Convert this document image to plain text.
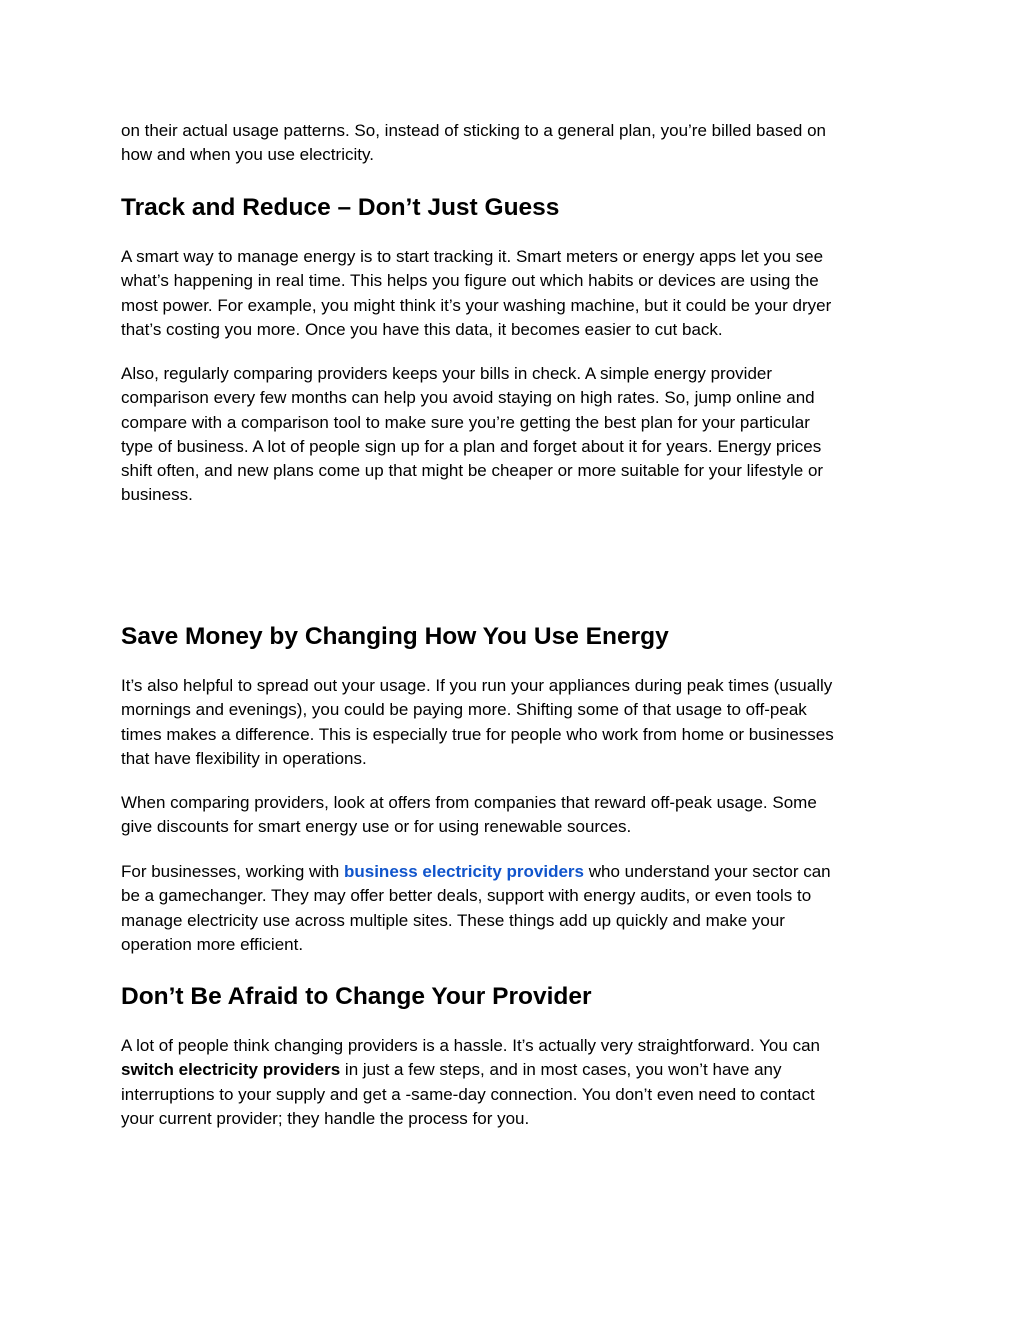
on their actual usage patterns. So, instead of sticking to a general plan, you’re billed based on
how and when you use electricity.
Track and Reduce – Don’t Just Guess
A smart way to manage energy is to start tracking it. Smart meters or energy apps let you see
what’s happening in real time. This helps you figure out which habits or devices are using the
most power. For example, you might think it’s your washing machine, but it could be your dryer
that’s costing you more. Once you have this data, it becomes easier to cut back.
Also, regularly comparing providers keeps your bills in check. A simple energy provider
comparison every few months can help you avoid staying on high rates. So, jump online and
compare with a comparison tool to make sure you’re getting the best plan for your particular
type of business. A lot of people sign up for a plan and forget about it for years. Energy prices
shift often, and new plans come up that might be cheaper or more suitable for your lifestyle or
business.
Save Money by Changing How You Use Energy
It’s also helpful to spread out your usage. If you run your appliances during peak times (usually
mornings and evenings), you could be paying more. Shifting some of that usage to off-peak
times makes a difference. This is especially true for people who work from home or businesses
that have flexibility in operations.
When comparing providers, look at offers from companies that reward off-peak usage. Some
give discounts for smart energy use or for using renewable sources.
For businesses, working with business electricity providers who understand your sector can
be a gamechanger. They may offer better deals, support with energy audits, or even tools to
manage electricity use across multiple sites. These things add up quickly and make your
operation more efficient.
Don’t Be Afraid to Change Your Provider
A lot of people think changing providers is a hassle. It’s actually very straightforward. You can
switch electricity providers in just a few steps, and in most cases, you won’t have any
interruptions to your supply and get a -same-day connection. You don’t even need to contact
your current provider; they handle the process for you.
